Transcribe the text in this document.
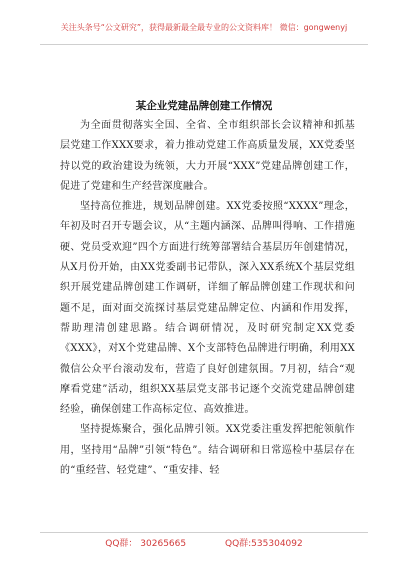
关注头条号“公文研究”，获得最新最全最专业的公文资料库！ 微信：gongwenyj
某企业党建品牌创建工作情况

为全面贯彻落实全国、全省、全市组织部长会议精神和抓基层党建工作XXX要求，着力推动党建工作高质量发展，XX党委坚持以党的政治建设为统领，大力开展“XXX”党建品牌创建工作，促进了党建和生产经营深度融合。

坚持高位推进，规划品牌创建。XX党委按照“XXXX”理念，年初及时召开专题会议，从“主题内涵深、品牌叫得响、工作措施硬、党员受欢迎”四个方面进行统筹部署结合基层历年创建情况，从X月份开始，由XX党委副书记带队，深入XX系统X个基层党组织开展党建品牌创建工作调研，详细了解品牌创建工作现状和问题不足，面对面交流探讨基层党建品牌定位、内涵和作用发挥，帮助理清创建思路。结合调研情况，及时研究制定XX党委《XXX》，对X个党建品牌、X个支部特色品牌进行明确，利用XX微信公众平台滚动发布，营造了良好创建氛围。7月初，结合“观摩看党建”活动，组织XX基层党支部书记逐个交流党建品牌创建经验，确保创建工作高标定位、高效推进。

坚持提炼聚合，强化品牌引领。XX党委注重发挥把舵领航作用，坚持用“品牌”引领“特色”。结合调研和日常巡检中基层存在的“重经营、轻党建”、“重安排、轻

QQ群： 30265665	QQ群:535304092
